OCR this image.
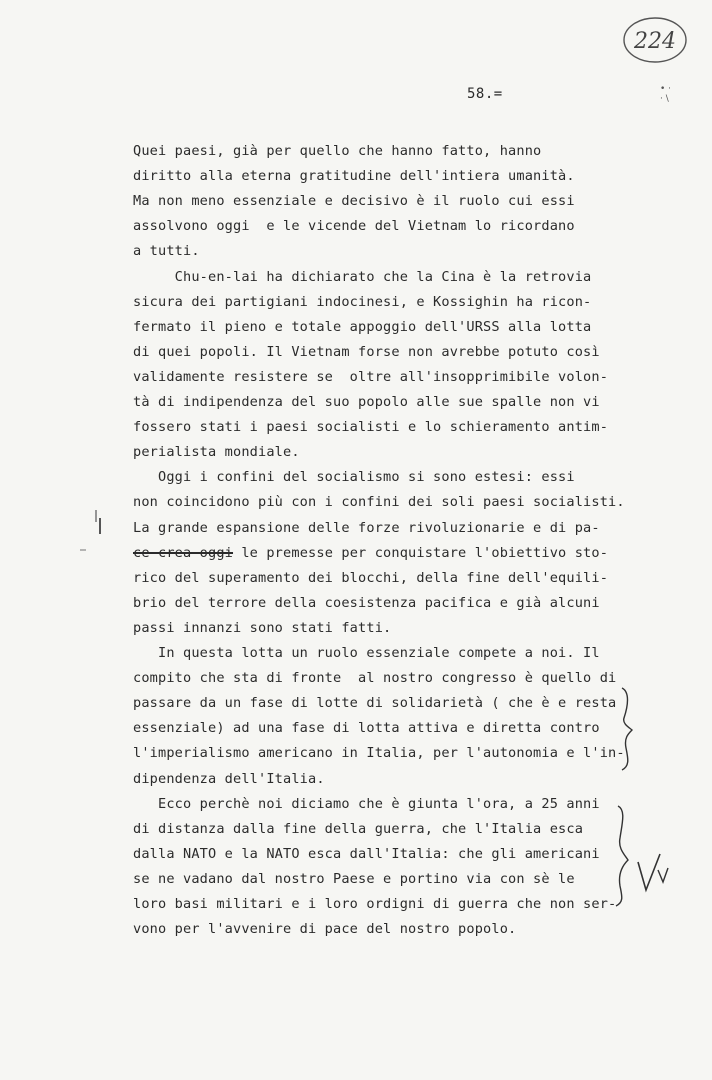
224
58.=	• ·
· \
Quei paesi, già per quello che hanno fatto, hanno
diritto alla eterna gratitudine dell'intiera umanità.
Ma non meno essenziale e decisivo è il ruolo cui essi
assolvono oggi  e le vicende del Vietnam lo ricordano
a tutti.
Chu-en-lai ha dichiarato che la Cina è la retrovia
sicura dei partigiani indocinesi, e Kossighin ha ricon-
fermato il pieno e totale appoggio dell'URSS alla lotta
di quei popoli. Il Vietnam forse non avrebbe potuto così
validamente resistere se  oltre all'insopprimibile volon-
tà di indipendenza del suo popolo alle sue spalle non vi
fossero stati i paesi socialisti e lo schieramento antim-
perialista mondiale.
Oggi i confini del socialismo si sono estesi: essi
non coincidono più con i confini dei soli paesi socialisti.
La grande espansione delle forze rivoluzionarie e di pa-
ce crea oggi le premesse per conquistare l'obiettivo sto-
rico del superamento dei blocchi, della fine dell'equili-
brio del terrore della coesistenza pacifica e già alcuni
passi innanzi sono stati fatti.
In questa lotta un ruolo essenziale compete a noi. Il
compito che sta di fronte  al nostro congresso è quello di
passare da un fase di lotte di solidarietà ( che è e resta
essenziale) ad una fase di lotta attiva e diretta contro
l'imperialismo americano in Italia, per l'autonomia e l'in-
dipendenza dell'Italia.
Ecco perchè noi diciamo che è giunta l'ora, a 25 anni
di distanza dalla fine della guerra, che l'Italia esca
dalla NATO e la NATO esca dall'Italia: che gli americani
se ne vadano dal nostro Paese e portino via con sè le
loro basi militari e i loro ordigni di guerra che non ser-
vono per l'avvenire di pace del nostro popolo.
